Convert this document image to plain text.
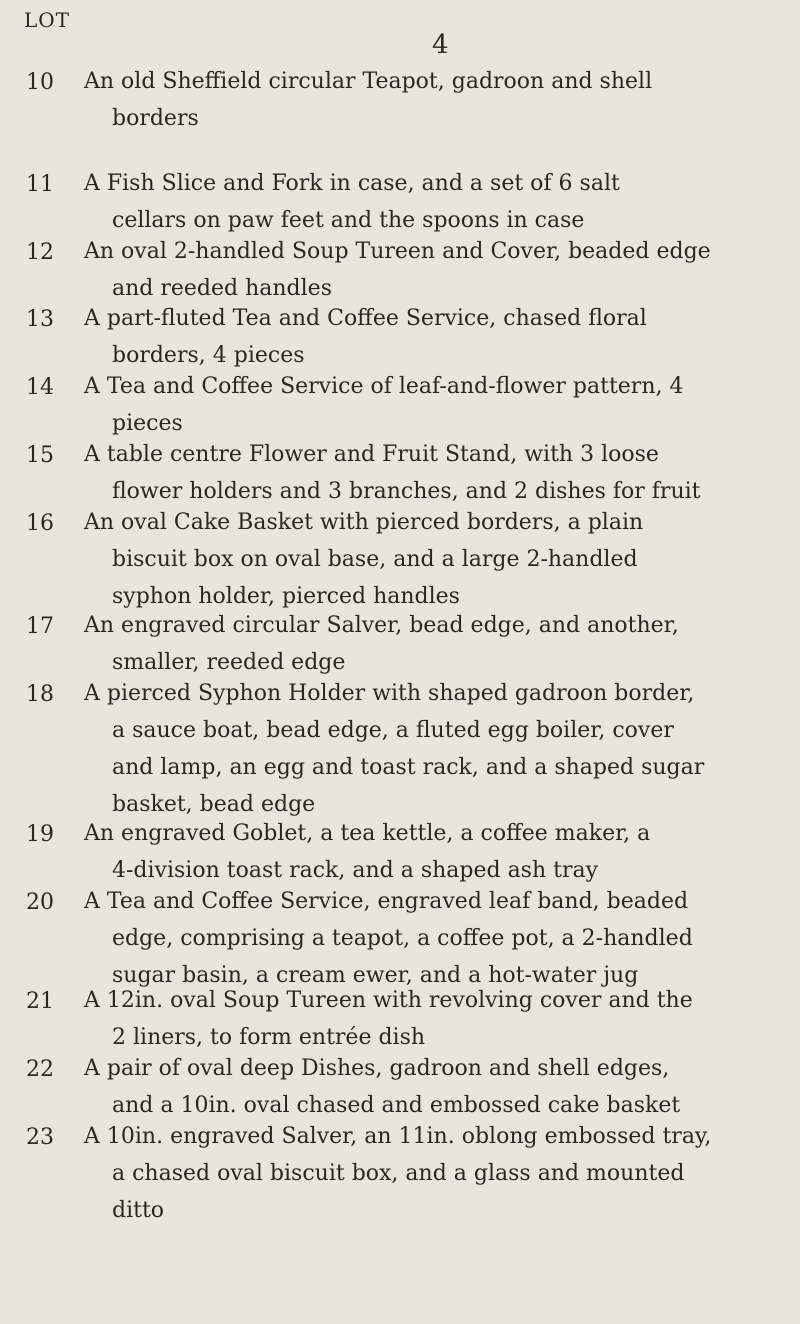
LOT
4
10	An old Sheffield circular Teapot, gadroon and shell
borders
11	A Fish Slice and Fork in case, and a set of 6 salt
cellars on paw feet and the spoons in case
12	An oval 2-handled Soup Tureen and Cover, beaded edge
and reeded handles
13	A part-fluted Tea and Coffee Service, chased floral
borders, 4 pieces
14	A Tea and Coffee Service of leaf-and-flower pattern, 4
pieces
15	A table centre Flower and Fruit Stand, with 3 loose
flower holders and 3 branches, and 2 dishes for fruit
16	An oval Cake Basket with pierced borders, a plain
biscuit box on oval base, and a large 2-handled
syphon holder, pierced handles
17	An engraved circular Salver, bead edge, and another,
smaller, reeded edge
18	A pierced Syphon Holder with shaped gadroon border,
a sauce boat, bead edge, a fluted egg boiler, cover
and lamp, an egg and toast rack, and a shaped sugar
basket, bead edge
19	An engraved Goblet, a tea kettle, a coffee maker, a
4-division toast rack, and a shaped ash tray
20	A Tea and Coffee Service, engraved leaf band, beaded
edge, comprising a teapot, a coffee pot, a 2-handled
sugar basin, a cream ewer, and a hot-water jug
21	A 12in. oval Soup Tureen with revolving cover and the
2 liners, to form entrée dish
22	A pair of oval deep Dishes, gadroon and shell edges,
and a 10in. oval chased and embossed cake basket
23	A 10in. engraved Salver, an 11in. oblong embossed tray,
a chased oval biscuit box, and a glass and mounted
ditto
